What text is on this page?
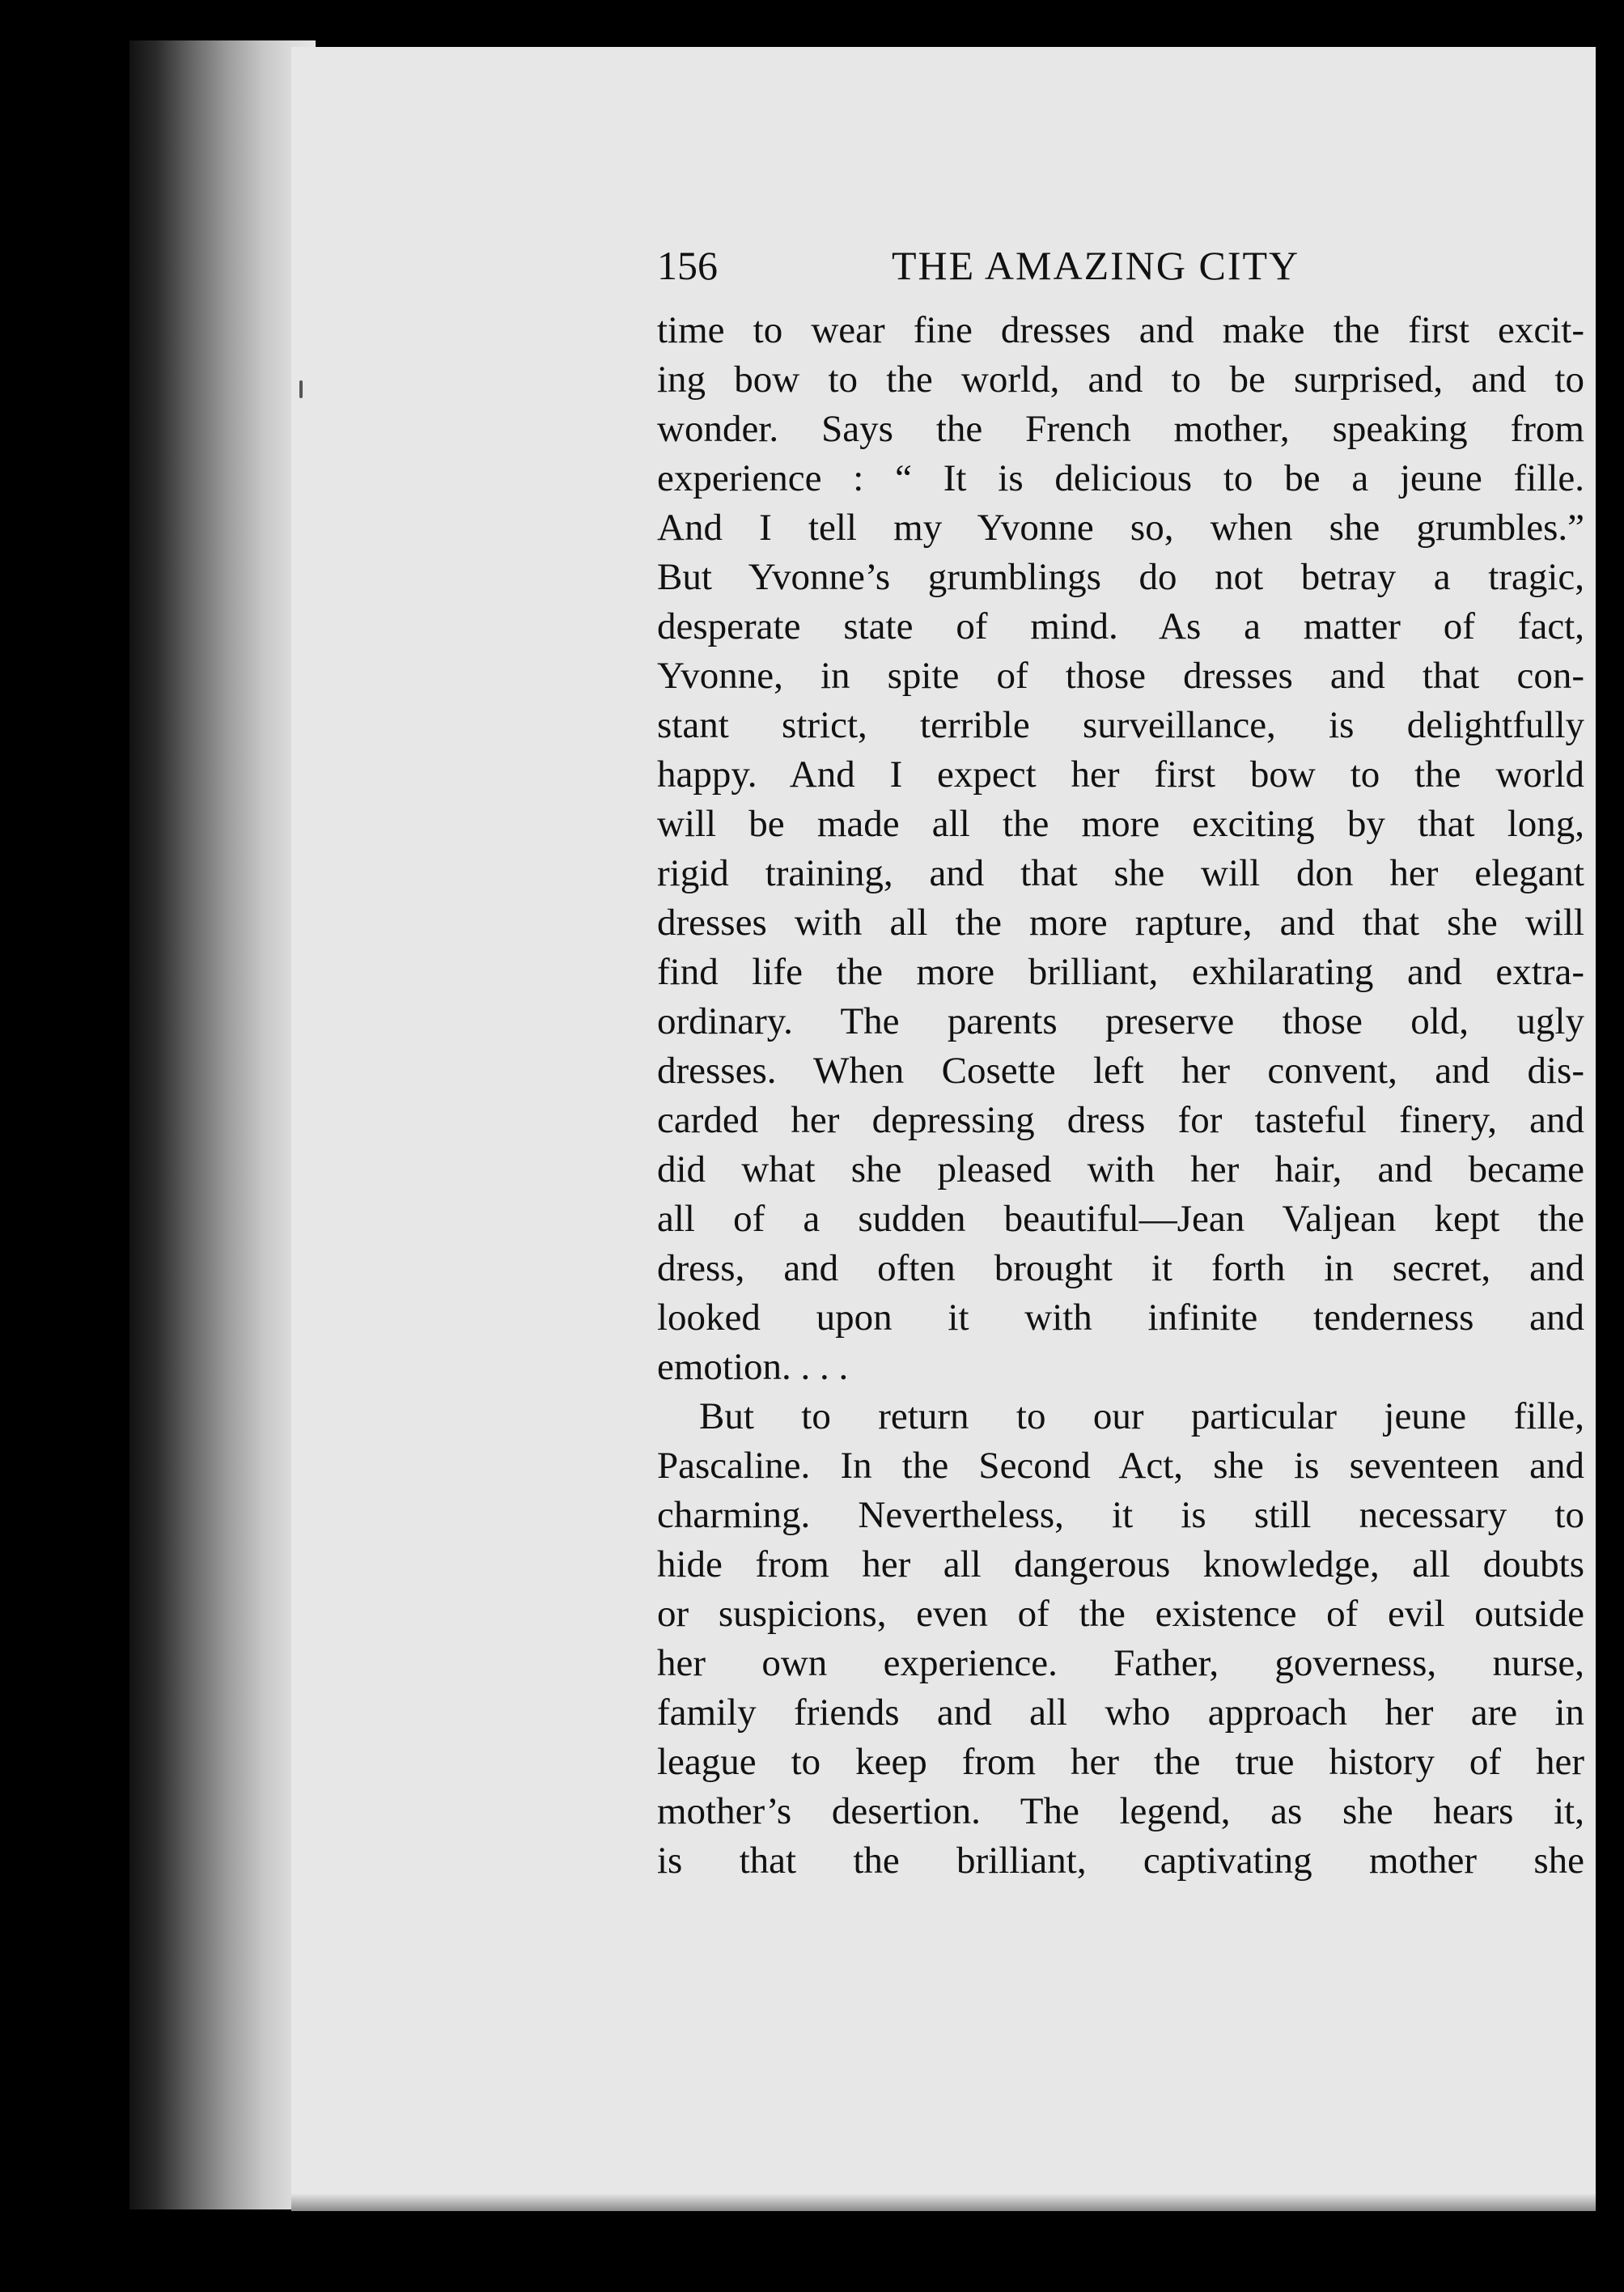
156	THE AMAZING CITY
time to wear fine dresses and make the first excit-
ing bow to the world, and to be surprised, and to
wonder. Says the French mother, speaking from
experience : “ It is delicious to be a jeune fille.
And I tell my Yvonne so, when she grumbles.”
But Yvonne’s grumblings do not betray a tragic,
desperate state of mind. As a matter of fact,
Yvonne, in spite of those dresses and that con-
stant strict, terrible surveillance, is delightfully
happy. And I expect her first bow to the world
will be made all the more exciting by that long,
rigid training, and that she will don her elegant
dresses with all the more rapture, and that she will
find life the more brilliant, exhilarating and extra-
ordinary. The parents preserve those old, ugly
dresses. When Cosette left her convent, and dis-
carded her depressing dress for tasteful finery, and
did what she pleased with her hair, and became
all of a sudden beautiful—Jean Valjean kept the
dress, and often brought it forth in secret, and
looked upon it with infinite tenderness and
emotion. . . .
But to return to our particular jeune fille,
Pascaline. In the Second Act, she is seventeen and
charming. Nevertheless, it is still necessary to
hide from her all dangerous knowledge, all doubts
or suspicions, even of the existence of evil outside
her own experience. Father, governess, nurse,
family friends and all who approach her are in
league to keep from her the true history of her
mother’s desertion. The legend, as she hears it,
is that the brilliant, captivating mother she
